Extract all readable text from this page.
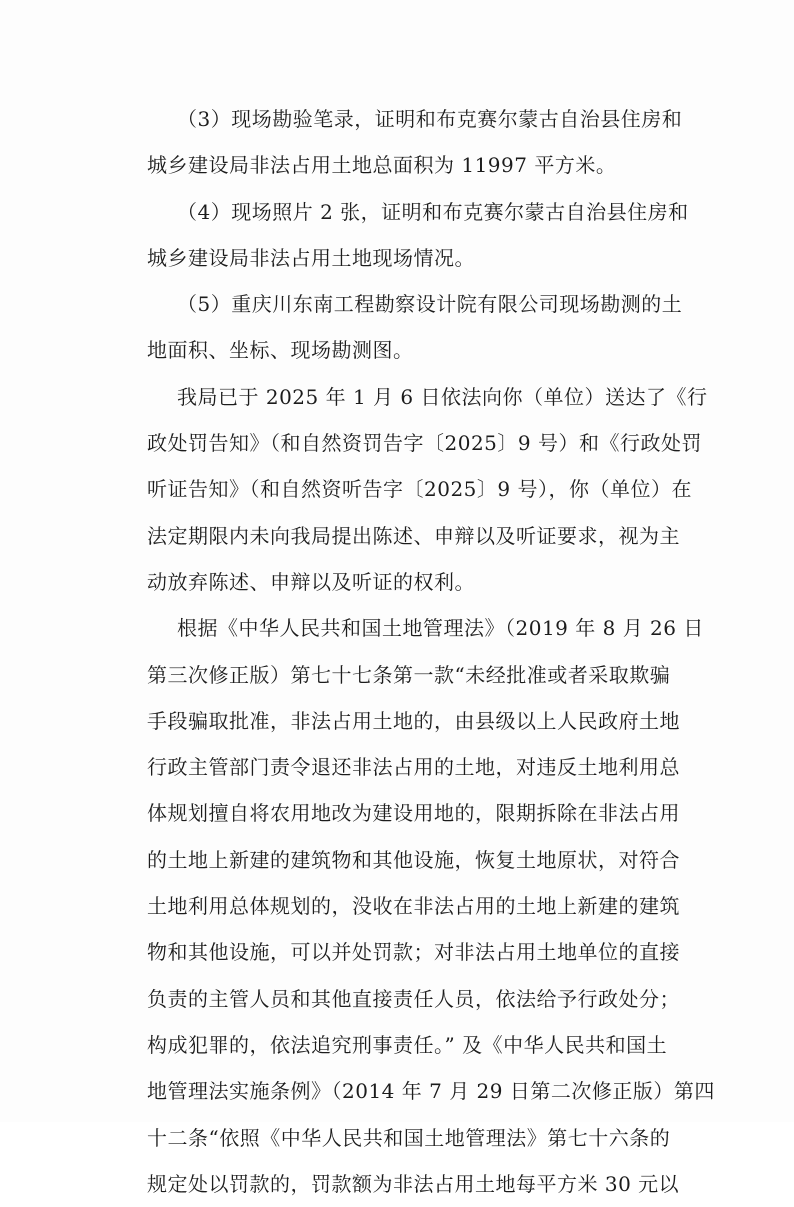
（3）现场勘验笔录，证明和布克赛尔蒙古自治县住房和
城乡建设局非法占用土地总面积为 11997 平方米。
（4）现场照片 2 张，证明和布克赛尔蒙古自治县住房和
城乡建设局非法占用土地现场情况。
（5）重庆川东南工程勘察设计院有限公司现场勘测的土
地面积、坐标、现场勘测图。
我局已于 2025 年 1 月 6 日依法向你（单位）送达了《行
政处罚告知》（和自然资罚告字〔2025〕9 号）和《行政处罚
听证告知》（和自然资听告字〔2025〕9 号），你（单位）在
法定期限内未向我局提出陈述、申辩以及听证要求，视为主
动放弃陈述、申辩以及听证的权利。
根据《中华人民共和国土地管理法》（2019 年 8 月 26 日
第三次修正版）第七十七条第一款“未经批准或者采取欺骗
手段骗取批准，非法占用土地的，由县级以上人民政府土地
行政主管部门责令退还非法占用的土地，对违反土地利用总
体规划擅自将农用地改为建设用地的，限期拆除在非法占用
的土地上新建的建筑物和其他设施，恢复土地原状，对符合
土地利用总体规划的，没收在非法占用的土地上新建的建筑
物和其他设施，可以并处罚款；对非法占用土地单位的直接
负责的主管人员和其他直接责任人员，依法给予行政处分；
构成犯罪的，依法追究刑事责任。” 及《中华人民共和国土
地管理法实施条例》（2014 年 7 月 29 日第二次修正版）第四
十二条“依照《中华人民共和国土地管理法》第七十六条的
规定处以罚款的，罚款额为非法占用土地每平方米 30 元以
